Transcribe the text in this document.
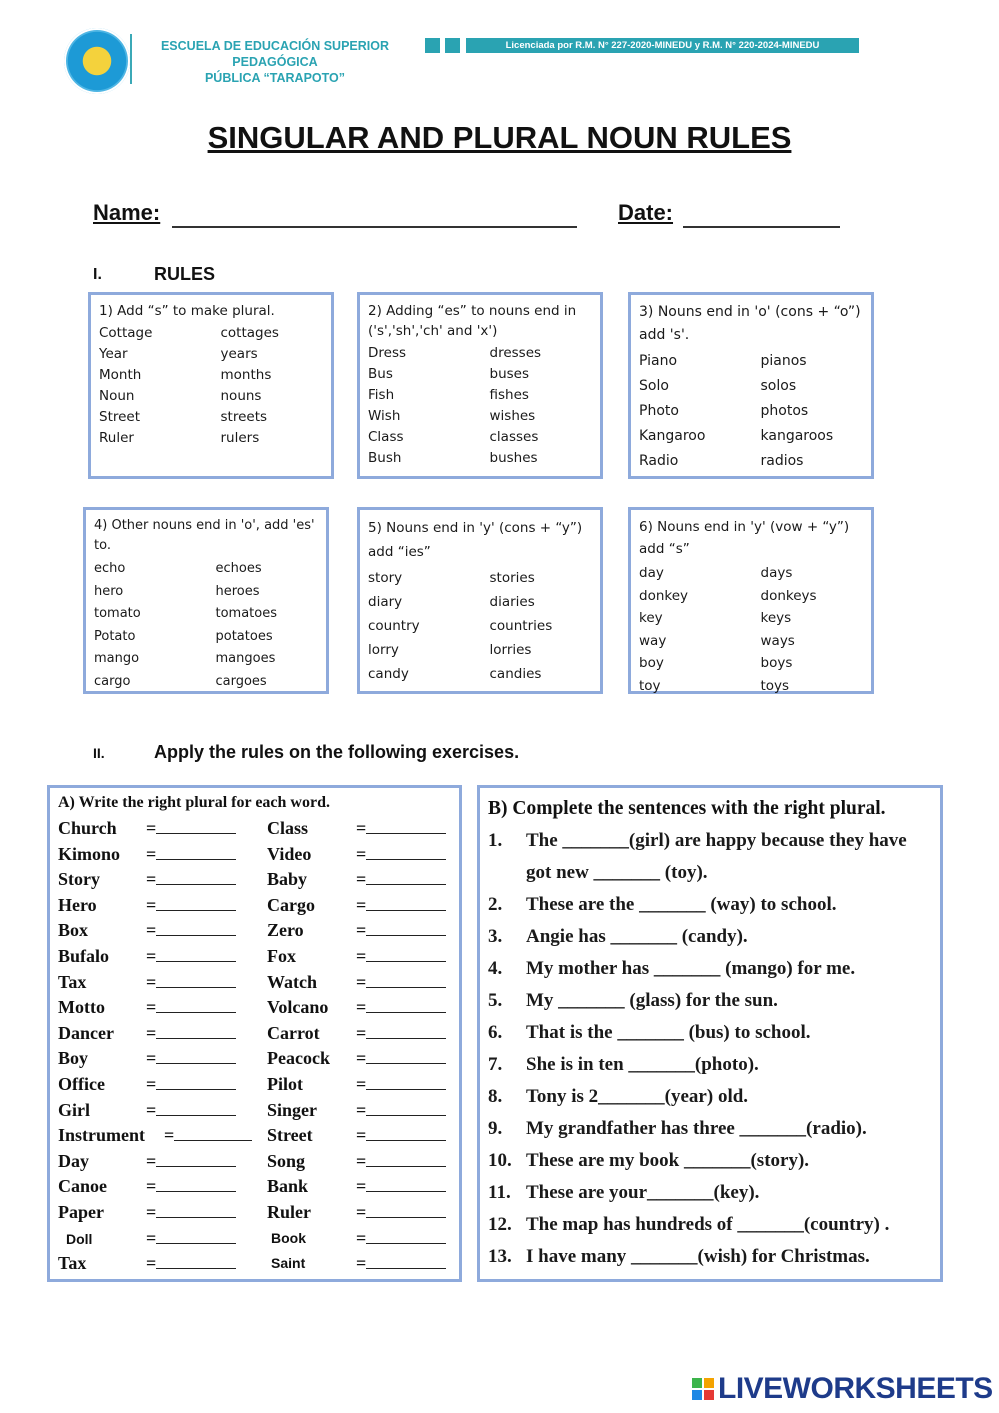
ESCUELA DE EDUCACIÓN SUPERIOR
PEDAGÓGICA
PÚBLICA “TARAPOTO”
Licenciada por R.M. N° 227-2020-MINEDU y R.M. N° 220-2024-MINEDU
SINGULAR AND PLURAL NOUN RULES
Name:	Date:
I.	RULES
1) Add “s” to make plural.
Cottage	cottages
Year	years
Month	months
Noun	nouns
Street	streets
Ruler	rulers
2) Adding “es” to nouns end in ('s','sh','ch' and 'x')
Dress	dresses
Bus	buses
Fish	fishes
Wish	wishes
Class	classes
Bush	bushes
3) Nouns end in 'o' (cons + “o”) add 's'.
Piano	pianos
Solo	solos
Photo	photos
Kangaroo	kangaroos
Radio	radios
4) Other nouns end in 'o', add 'es' to.
echo	echoes
hero	heroes
tomato	tomatoes
Potato	potatoes
mango	mangoes
cargo	cargoes
5) Nouns end in 'y' (cons + “y”) add “ies”
story	stories
diary	diaries
country	countries
lorry	lorries
candy	candies
6) Nouns end in 'y' (vow + “y”) add “s”
day	days
donkey	donkeys
key	keys
way	ways
boy	boys
toy	toys
II.	Apply the rules on the following exercises.
A) Write the right plural for each word.
Church =	Class	=
Kimono =	Video =
Story	=	Baby	=
Hero	=	Cargo =
Box	=	Zero	=
Bufalo =	Fox	=
Tax	=	Watch =
Motto =	Volcano =
Dancer =	Carrot =
Boy	=	Peacock =
Office =	Pilot	=
Girl	=	Singer =
Instrument =	Street =
Day	=	Song	=
Canoe =	Bank	=
Paper =	Ruler	=
Doll	=	Book	=
Tax	=	Saint	=
B) Complete the sentences with the right plural.
1.	The _______(girl) are happy because they have
got new _______ (toy).
2.	These are the _______ (way) to school.
3.	Angie has _______ (candy).
4.	My mother has _______ (mango) for me.
5.	My _______ (glass) for the sun.
6.	That is the _______ (bus) to school.
7.	She is in ten _______(photo).
8.	Tony is 2_______(year) old.
9.	My grandfather has three _______(radio).
10. These are my book _______(story).
11. These are your_______(key).
12. The map has hundreds of _______(country) .
13. I have many _______(wish) for Christmas.
LIVEWORKSHEETS
